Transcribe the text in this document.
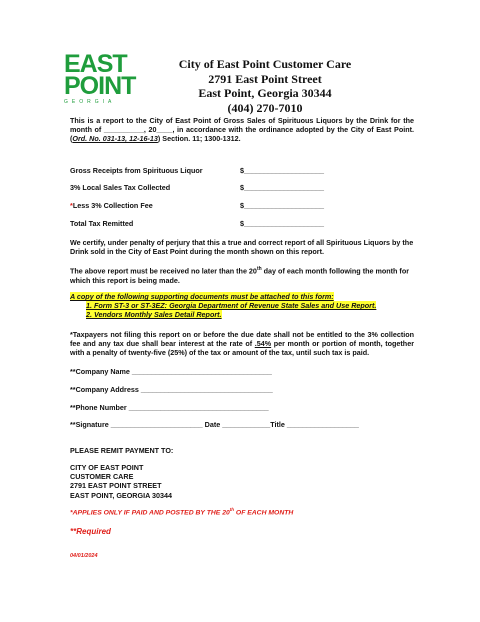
EAST
POINT
GEORGIA
City of East Point Customer Care
2791 East Point Street
East Point, Georgia 30344
(404) 270-7010
This is a report to the City of East Point of Gross Sales of Spirituous Liquors by the Drink for the month of __________, 20____, in accordance with the ordinance adopted by the City of East Point. (Ord. No. 031-13, 12-16-13) Section. 11; 1300-1312.
Gross Receipts from Spirituous Liquor	$____________________
3% Local Sales Tax Collected	$____________________
*Less 3% Collection Fee	$____________________
Total Tax Remitted	$____________________
We certify, under penalty of perjury that this a true and correct report of all Spirituous Liquors by the Drink sold in the City of East Point during the month shown on this report.
The above report must be received no later than the 20th day of each month following the month for which this report is being made.
A copy of the following supporting documents must be attached to this form:
1. Form ST-3 or ST-3EZ: Georgia Department of Revenue State Sales and Use Report.
2. Vendors Monthly Sales Detail Report.
*Taxpayers not filing this report on or before the due date shall not be entitled to the 3% collection fee and any tax due shall bear interest at the rate of .54% per month or portion of month, together with a penalty of twenty-five (25%) of the tax or amount of the tax, until such tax is paid.
**Company Name ___________________________________
**Company Address _________________________________
**Phone Number ___________________________________
**Signature _______________________ Date ____________Title __________________
PLEASE REMIT PAYMENT TO:
CITY OF EAST POINT
CUSTOMER CARE
2791 EAST POINT STREET
EAST POINT, GEORGIA 30344
*APPLIES ONLY IF PAID AND POSTED BY THE 20th OF EACH MONTH
**Required
04/01/2024
